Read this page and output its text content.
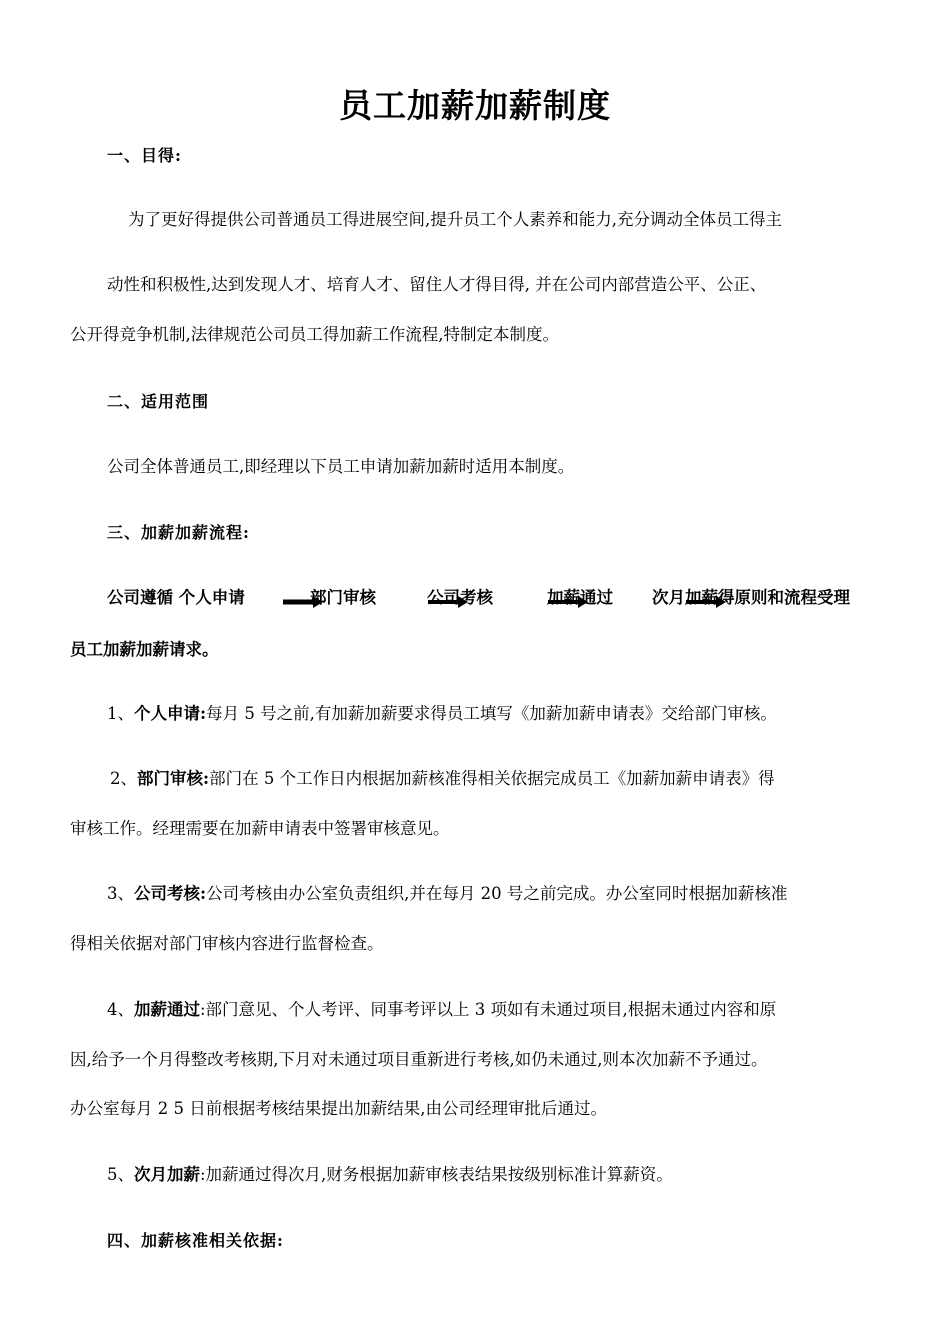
员工加薪加薪制度
一、目得:
为了更好得提供公司普通员工得进展空间,提升员工个人素养和能力,充分调动全体员工得主
动性和积极性,达到发现人才、培育人才、留住人才得目得, 并在公司内部营造公平、公正、
公开得竞争机制,法律规范公司员工得加薪工作流程,特制定本制度。
二、适用范围
公司全体普通员工,即经理以下员工申请加薪加薪时适用本制度。
三、加薪加薪流程:
公司遵循 个人申请	部门审核	公司考核	加薪通过 次月加薪得原则和流程受理
员工加薪加薪请求。
1、个人申请:每月 5 号之前,有加薪加薪要求得员工填写《加薪加薪申请表》交给部门审核。
2、部门审核:部门在 5 个工作日内根据加薪核准得相关依据完成员工《加薪加薪申请表》得
审核工作。经理需要在加薪申请表中签署审核意见。
3、公司考核:公司考核由办公室负责组织,并在每月 20 号之前完成。办公室同时根据加薪核准
得相关依据对部门审核内容进行监督检查。
4、加薪通过:部门意见、个人考评、同事考评以上 3 项如有未通过项目,根据未通过内容和原
因,给予一个月得整改考核期,下月对未通过项目重新进行考核,如仍未通过,则本次加薪不予通过。
办公室每月 2 5 日前根据考核结果提出加薪结果,由公司经理审批后通过。
5、次月加薪:加薪通过得次月,财务根据加薪审核表结果按级别标准计算薪资。
四、加薪核准相关依据:
